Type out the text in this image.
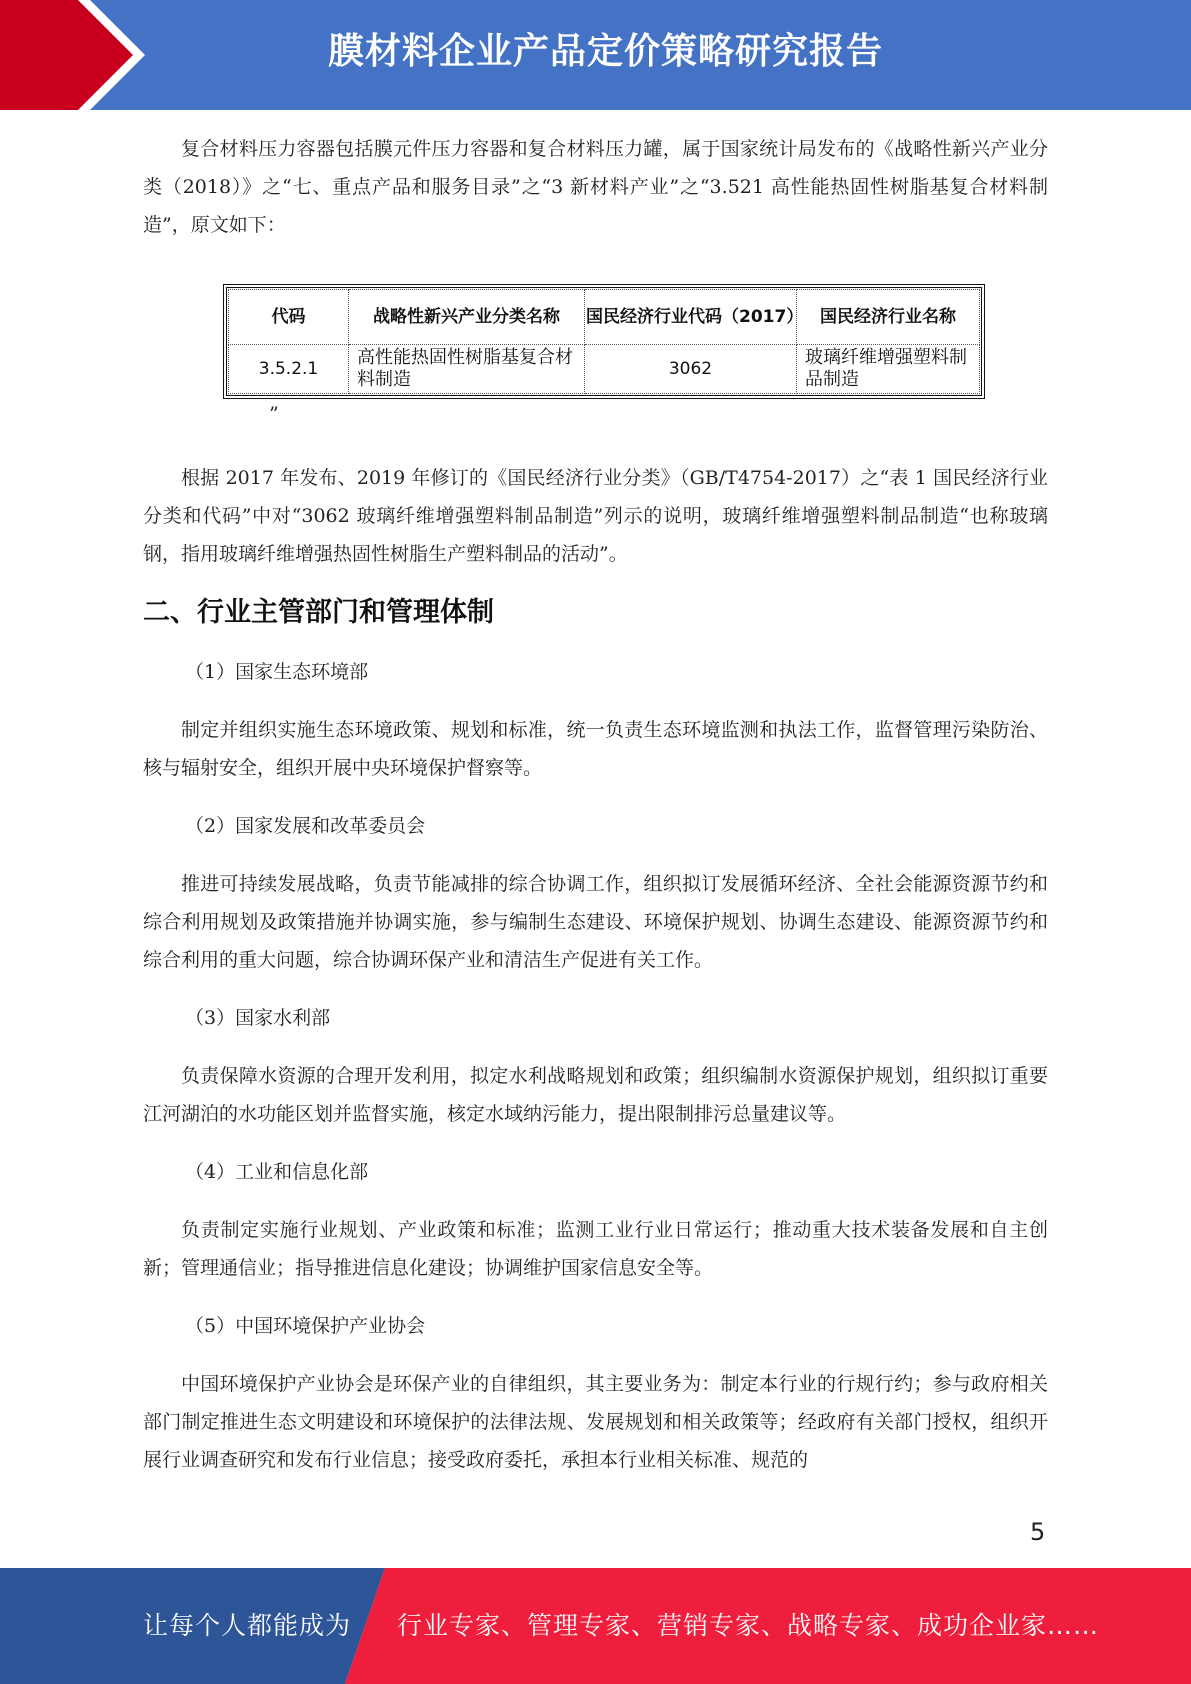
膜材料企业产品定价策略研究报告

复合材料压力容器包括膜元件压力容器和复合材料压力罐，属于国家统计局发布的《战略性新兴产业分类（2018）》之“七、重点产品和服务目录”之“3 新材料产业”之“3.521 高性能热固性树脂基复合材料制造”，原文如下：

代码	战略性新兴产业分类名称	国民经济行业代码（2017）	国民经济行业名称
3.5.2.1	高性能热固性树脂基复合材料制造	3062	玻璃纤维增强塑料制品制造
”

根据 2017 年发布、2019 年修订的《国民经济行业分类》（GB/T4754-2017）之“表 1 国民经济行业分类和代码”中对“3062 玻璃纤维增强塑料制品制造”列示的说明，玻璃纤维增强塑料制品制造“也称玻璃钢，指用玻璃纤维增强热固性树脂生产塑料制品的活动”。

二、行业主管部门和管理体制

（1）国家生态环境部

制定并组织实施生态环境政策、规划和标准，统一负责生态环境监测和执法工作，监督管理污染防治、核与辐射安全，组织开展中央环境保护督察等。

（2）国家发展和改革委员会

推进可持续发展战略，负责节能减排的综合协调工作，组织拟订发展循环经济、全社会能源资源节约和综合利用规划及政策措施并协调实施，参与编制生态建设、环境保护规划、协调生态建设、能源资源节约和综合利用的重大问题，综合协调环保产业和清洁生产促进有关工作。

（3）国家水利部

负责保障水资源的合理开发利用，拟定水利战略规划和政策；组织编制水资源保护规划，组织拟订重要江河湖泊的水功能区划并监督实施，核定水域纳污能力，提出限制排污总量建议等。

（4）工业和信息化部

负责制定实施行业规划、产业政策和标准；监测工业行业日常运行；推动重大技术装备发展和自主创新；管理通信业；指导推进信息化建设；协调维护国家信息安全等。

（5）中国环境保护产业协会

中国环境保护产业协会是环保产业的自律组织，其主要业务为：制定本行业的行规行约；参与政府相关部门制定推进生态文明建设和环境保护的法律法规、发展规划和相关政策等；经政府有关部门授权，组织开展行业调查研究和发布行业信息；接受政府委托，承担本行业相关标准、规范的

5
让每个人都能成为 行业专家、管理专家、营销专家、战略专家、成功企业家……
